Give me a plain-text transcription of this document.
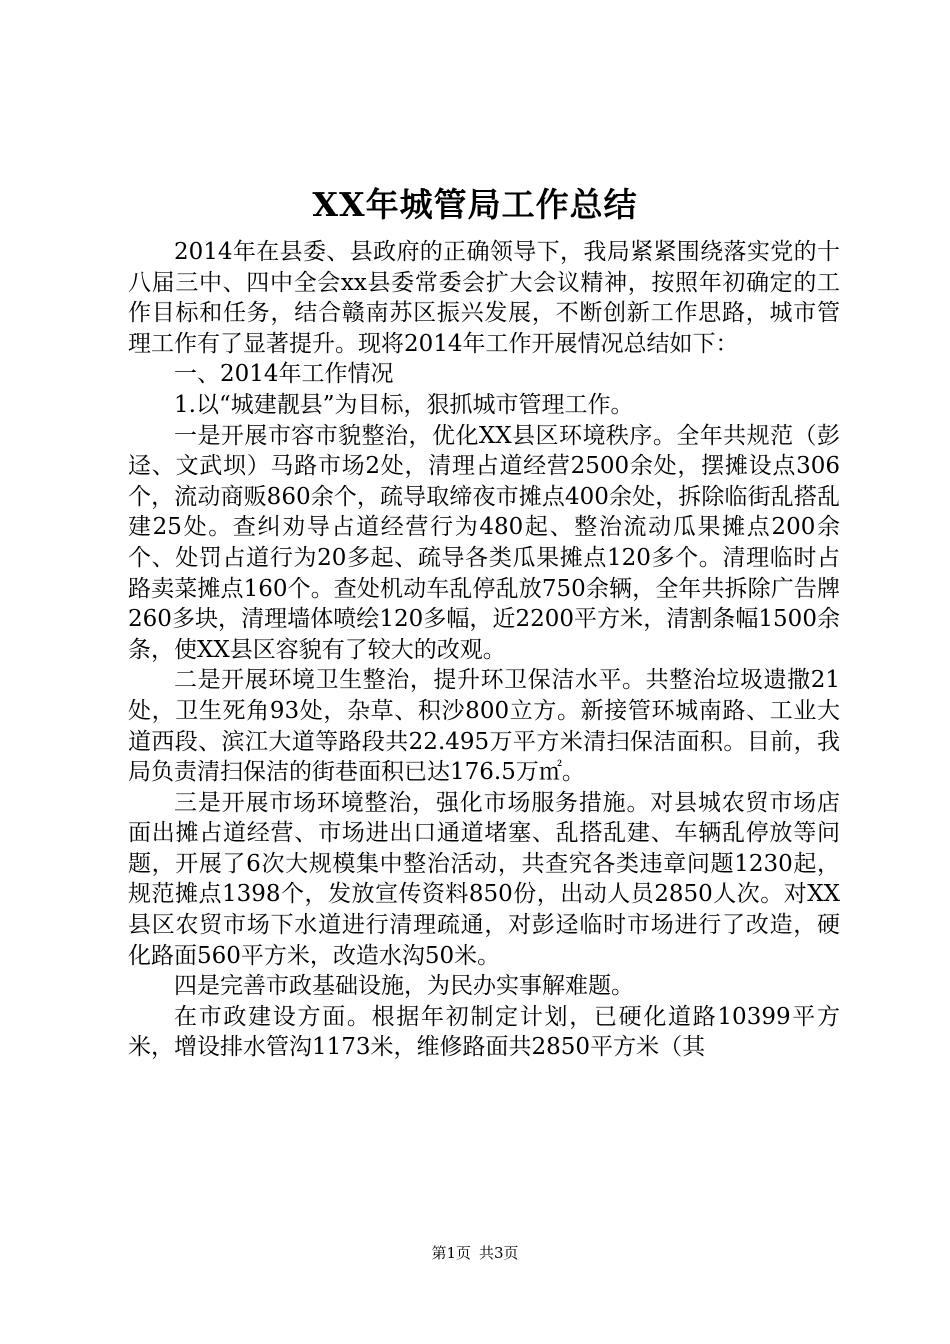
XX年城管局工作总结

2014年在县委、县政府的正确领导下，我局紧紧围绕落实党的十八届三中、四中全会xx县委常委会扩大会议精神，按照年初确定的工作目标和任务，结合赣南苏区振兴发展，不断创新工作思路，城市管理工作有了显著提升。现将2014年工作开展情况总结如下：

一、2014年工作情况

1.以“城建靓县”为目标，狠抓城市管理工作。

一是开展市容市貌整治，优化XX县区环境秩序。全年共规范（彭迳、文武坝）马路市场2处，清理占道经营2500余处，摆摊设点306个，流动商贩860余个，疏导取缔夜市摊点400余处，拆除临街乱搭乱建25处。查纠劝导占道经营行为480起、整治流动瓜果摊点200余个、处罚占道行为20多起、疏导各类瓜果摊点120多个。清理临时占路卖菜摊点160个。查处机动车乱停乱放750余辆，全年共拆除广告牌260多块，清理墙体喷绘120多幅，近2200平方米，清割条幅1500余条，使XX县区容貌有了较大的改观。

二是开展环境卫生整治，提升环卫保洁水平。共整治垃圾遗撒21处，卫生死角93处，杂草、积沙800立方。新接管环城南路、工业大道西段、滨江大道等路段共22.495万平方米清扫保洁面积。目前，我局负责清扫保洁的街巷面积已达176.5万㎡。

三是开展市场环境整治，强化市场服务措施。对县城农贸市场店面出摊占道经营、市场进出口通道堵塞、乱搭乱建、车辆乱停放等问题，开展了6次大规模集中整治活动，共查究各类违章问题1230起，规范摊点1398个，发放宣传资料850份，出动人员2850人次。对XX县区农贸市场下水道进行清理疏通，对彭迳临时市场进行了改造，硬化路面560平方米，改造水沟50米。

四是完善市政基础设施，为民办实事解难题。

在市政建设方面。根据年初制定计划，已硬化道路10399平方米，增设排水管沟1173米，维修路面共2850平方米（其

第1页 共3页
